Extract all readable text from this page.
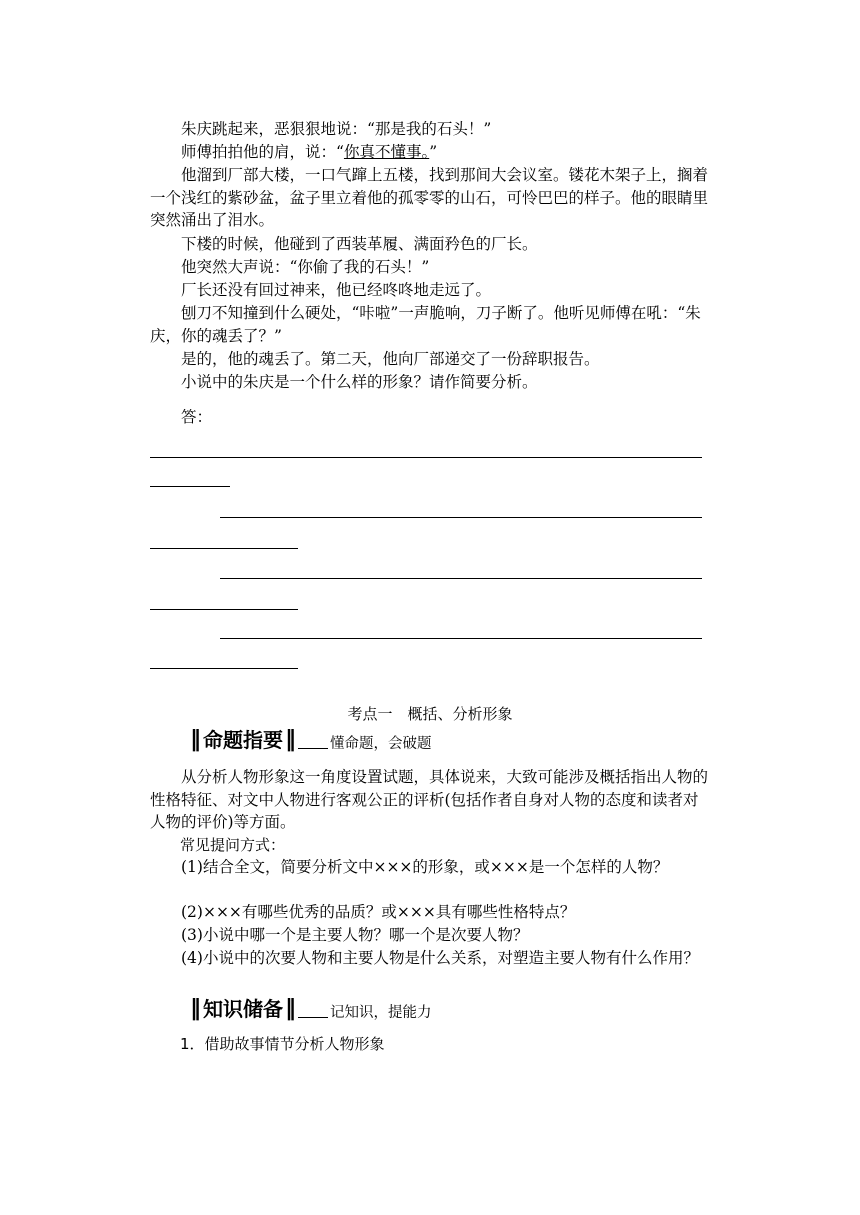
朱庆跳起来，恶狠狠地说：“那是我的石头！”

师傅拍拍他的肩，说：“你真不懂事。”

他溜到厂部大楼，一口气蹿上五楼，找到那间大会议室。镂花木架子上，搁着一个浅红的紫砂盆，盆子里立着他的孤零零的山石，可怜巴巴的样子。他的眼睛里突然涌出了泪水。

下楼的时候，他碰到了西装革履、满面矜色的厂长。

他突然大声说：“你偷了我的石头！”

厂长还没有回过神来，他已经咚咚地走远了。

刨刀不知撞到什么硬处，“咔啦”一声脆响，刀子断了。他听见师傅在吼：“朱庆，你的魂丢了？”

是的，他的魂丢了。第二天，他向厂部递交了一份辞职报告。

小说中的朱庆是一个什么样的形象？请作简要分析。

答：

考点一　概括、分析形象
‖ 命题指要 ‖ 懂命题，会破题

从分析人物形象这一角度设置试题，具体说来，大致可能涉及概括指出人物的性格特征、对文中人物进行客观公正的评析(包括作者自身对人物的态度和读者对人物的评价)等方面。

常见提问方式：

(1)结合全文，简要分析文中×××的形象，或×××是一个怎样的人物？

(2)×××有哪些优秀的品质？或×××具有哪些性格特点？

(3)小说中哪一个是主要人物？哪一个是次要人物？

(4)小说中的次要人物和主要人物是什么关系，对塑造主要人物有什么作用？

‖ 知识储备 ‖ 记知识，提能力

1．借助故事情节分析人物形象
